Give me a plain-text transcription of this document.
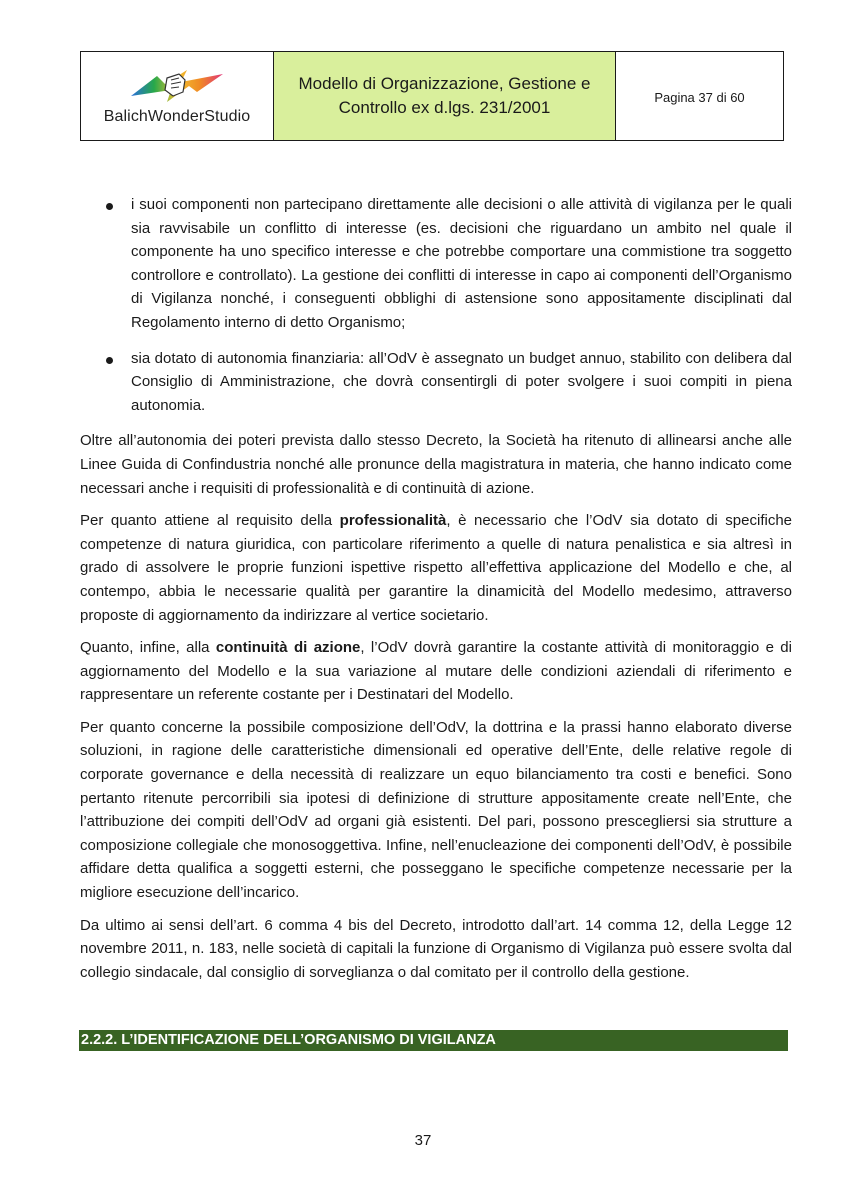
BalichWonderStudio
Modello di Organizzazione, Gestione e
Controllo ex d.lgs. 231/2001
Pagina 37 di 60
i suoi componenti non partecipano direttamente alle decisioni o alle attività di vigilanza per le quali sia ravvisabile un conflitto di interesse (es. decisioni che riguardano un ambito nel quale il componente ha uno specifico interesse e che potrebbe comportare una commistione tra soggetto controllore e controllato). La gestione dei conflitti di interesse in capo ai componenti dell’Organismo di Vigilanza nonché, i conseguenti obblighi di astensione sono appositamente disciplinati dal Regolamento interno di detto Organismo;
sia dotato di autonomia finanziaria: all’OdV è assegnato un budget annuo, stabilito con delibera dal Consiglio di Amministrazione, che dovrà consentirgli di poter svolgere i suoi compiti in piena autonomia.

Oltre all’autonomia dei poteri prevista dallo stesso Decreto, la Società ha ritenuto di allinearsi anche alle Linee Guida di Confindustria nonché alle pronunce della magistratura in materia, che hanno indicato come necessari anche i requisiti di professionalità e di continuità di azione.

Per quanto attiene al requisito della professionalità, è necessario che l’OdV sia dotato di specifiche competenze di natura giuridica, con particolare riferimento a quelle di natura penalistica e sia altresì in grado di assolvere le proprie funzioni ispettive rispetto all’effettiva applicazione del Modello e che, al contempo, abbia le necessarie qualità per garantire la dinamicità del Modello medesimo, attraverso proposte di aggiornamento da indirizzare al vertice societario.

Quanto, infine, alla continuità di azione, l’OdV dovrà garantire la costante attività di monitoraggio e di aggiornamento del Modello e la sua variazione al mutare delle condizioni aziendali di riferimento e rappresentare un referente costante per i Destinatari del Modello.

Per quanto concerne la possibile composizione dell’OdV, la dottrina e la prassi hanno elaborato diverse soluzioni, in ragione delle caratteristiche dimensionali ed operative dell’Ente, delle relative regole di corporate governance e della necessità di realizzare un equo bilanciamento tra costi e benefici. Sono pertanto ritenute percorribili sia ipotesi di definizione di strutture appositamente create nell’Ente, che l’attribuzione dei compiti dell’OdV ad organi già esistenti. Del pari, possono prescegliersi sia strutture a composizione collegiale che monosoggettiva. Infine, nell’enucleazione dei componenti dell’OdV, è possibile affidare detta qualifica a soggetti esterni, che posseggano le specifiche competenze necessarie per la migliore esecuzione dell’incarico.

Da ultimo ai sensi dell’art. 6 comma 4 bis del Decreto, introdotto dall’art. 14 comma 12, della Legge 12 novembre 2011, n. 183, nelle società di capitali la funzione di Organismo di Vigilanza può essere svolta dal collegio sindacale, dal consiglio di sorveglianza o dal comitato per il controllo della gestione.

2.2.2. L’IDENTIFICAZIONE DELL’ORGANISMO DI VIGILANZA
37
